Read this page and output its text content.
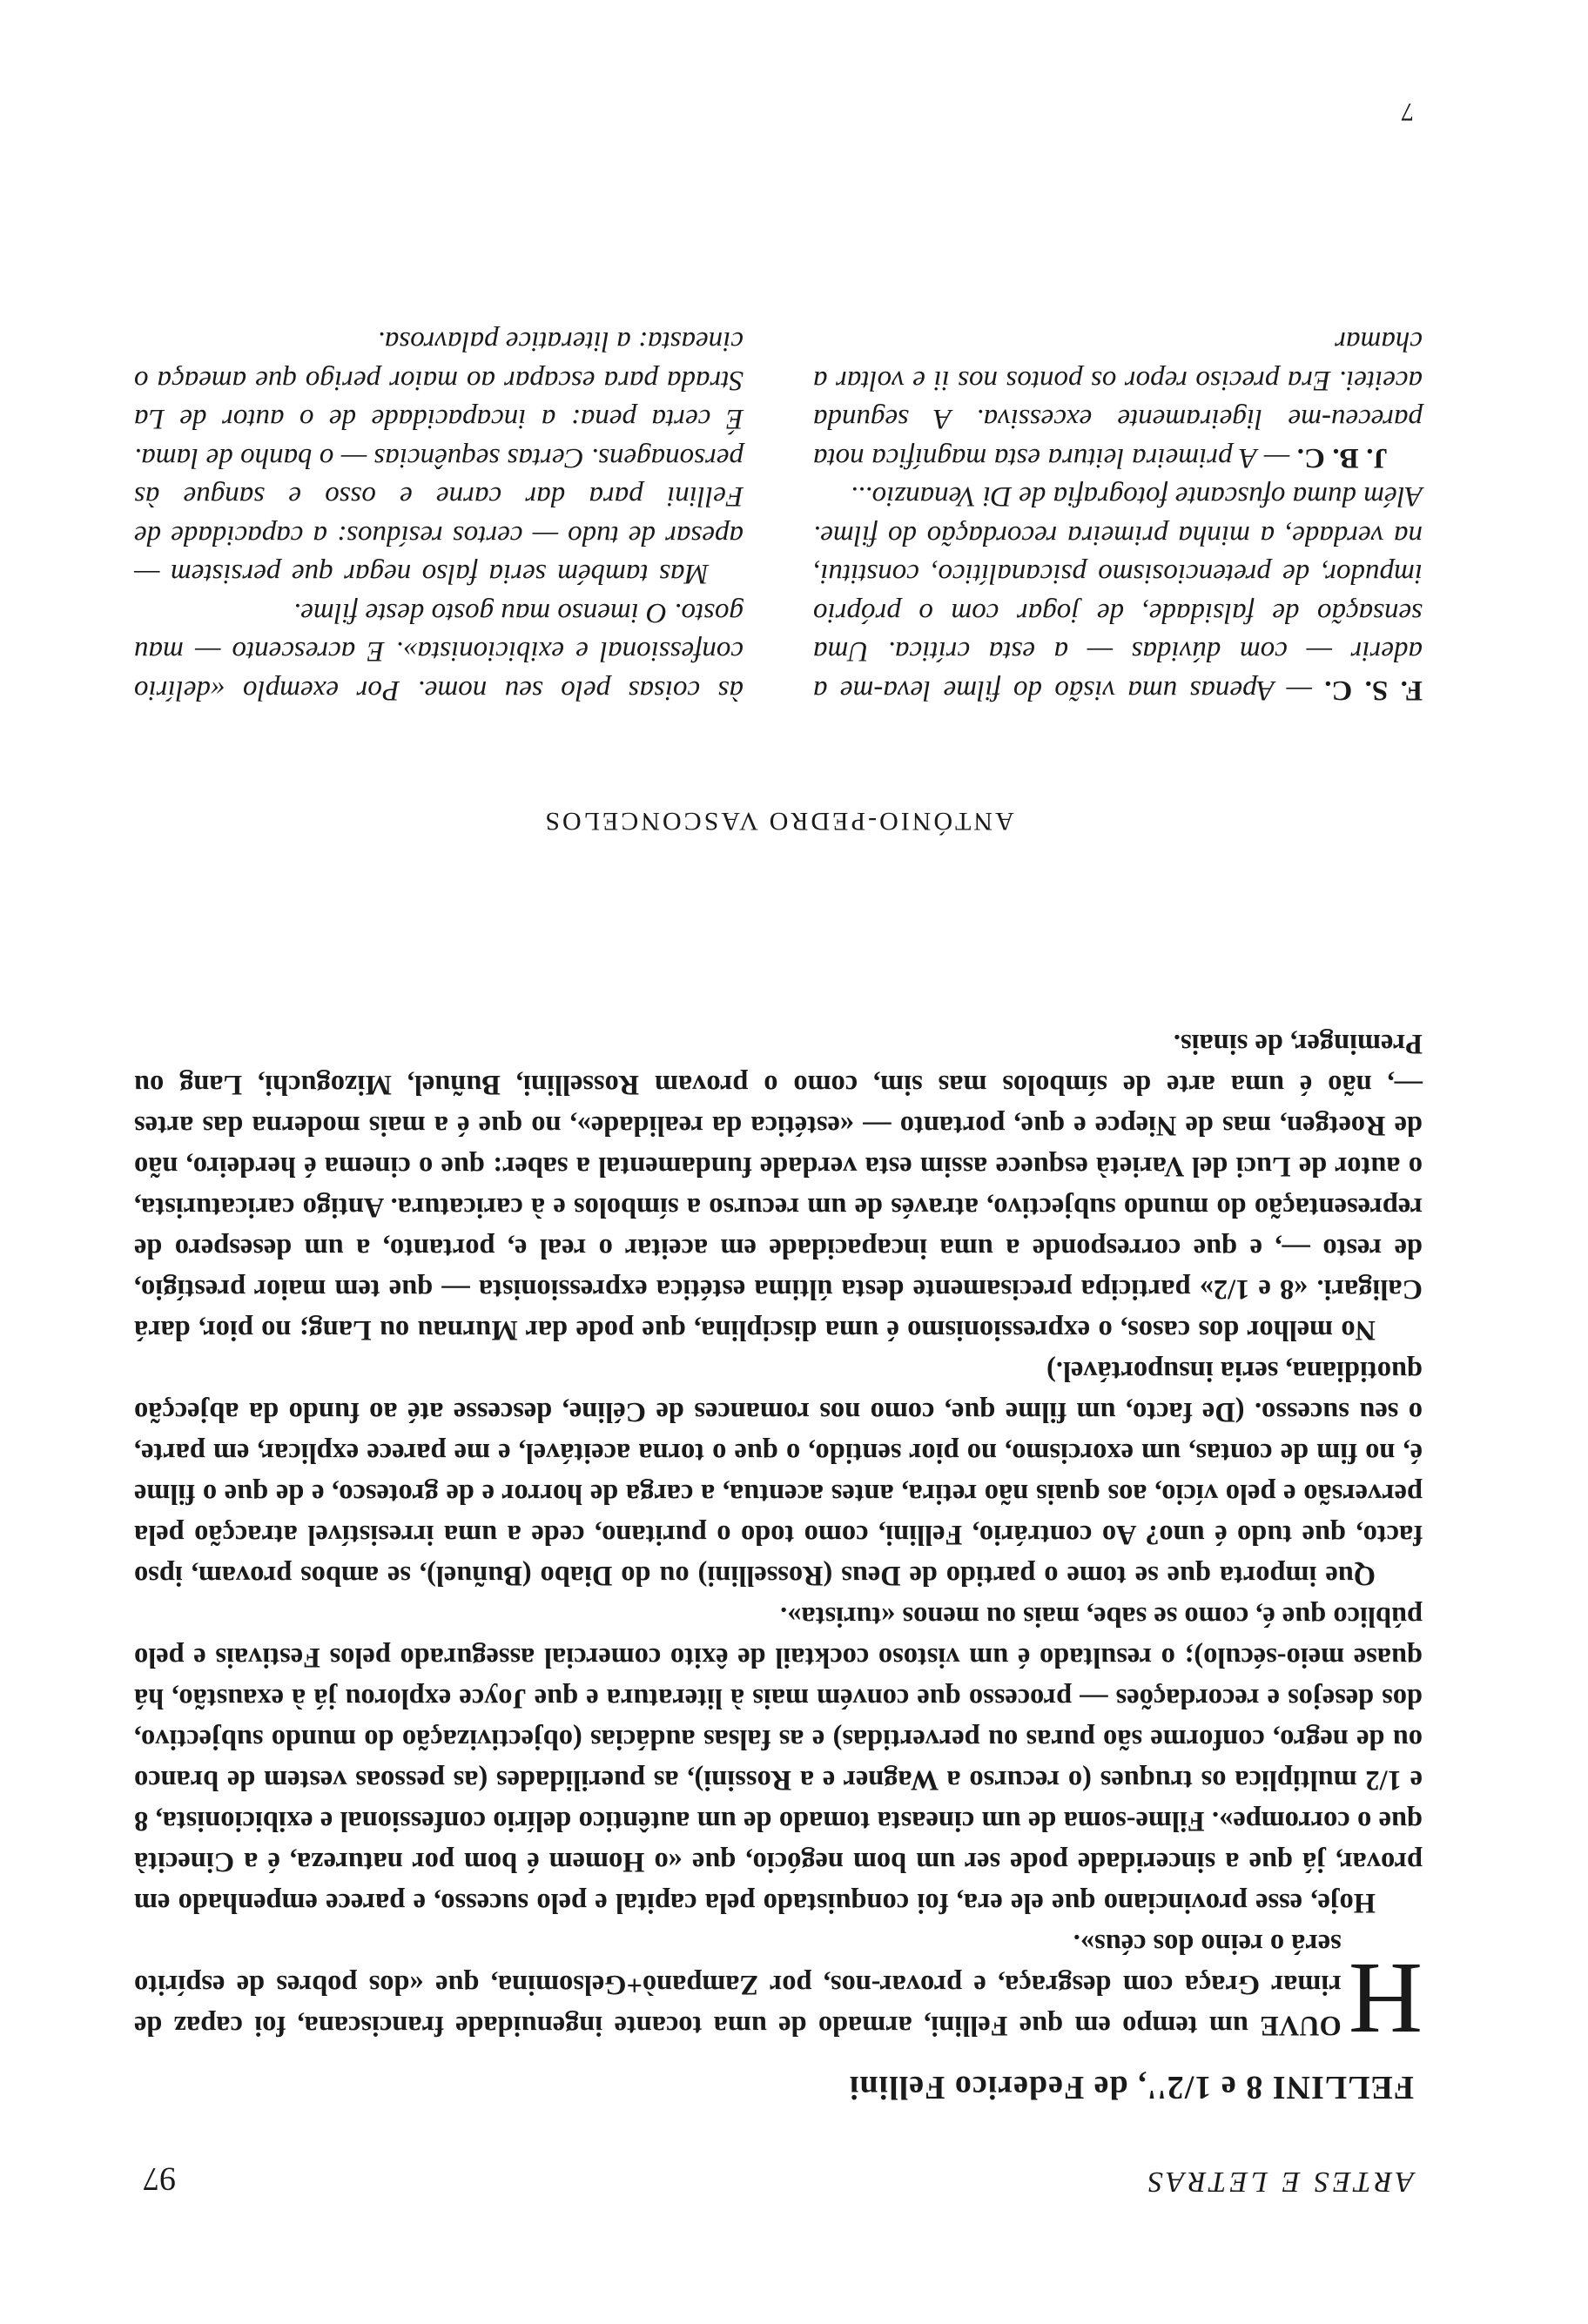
ARTES E LETRAS
97
FELLINI 8 e 1/2'', de Federico Fellini

H
OUVE um tempo em que Fellini, armado de uma tocante ingenuidade franciscana, foi capaz de rimar Graça com desgraça, e provar-nos, por Zampanò+Gelsomina, que «dos pobres de espírito será o reino dos céus».

Hoje, esse provinciano que ele era, foi conquistado pela capital e pelo sucesso, e parece empenhado em provar, já que a sinceridade pode ser um bom negócio, que «o Homem é bom por natureza, é a Cinecità que o corrompe». Filme-soma de um cineasta tomado de um autêntico delírio confessional e exibicionista, 8 e 1/2 multiplica os truques (o recurso a Wagner e a Rossini), as puerilidades (as pessoas vestem de branco ou de negro, conforme são puras ou pervertidas) e as falsas audácias (objectivização do mundo subjectivo, dos desejos e recordações — processo que convém mais à literatura e que Joyce explorou já à exaustão, há quase meio-século); o resultado é um vistoso cocktail de êxito comercial assegurado pelos Festivais e pelo público que é, como se sabe, mais ou menos «turista».

Que importa que se tome o partido de Deus (Rossellini) ou do Diabo (Buñuel), se ambos provam, ipso facto, que tudo é uno? Ao contrário, Fellini, como todo o puritano, cede a uma irresistível atracção pela perversão e pelo vício, aos quais não retira, antes acentua, a carga de horror e de grotesco, e de que o filme é, no fim de contas, um exorcismo, no pior sentido, o que o torna aceitável, e me parece explicar, em parte, o seu sucesso. (De facto, um filme que, como nos romances de Céline, descesse até ao fundo da abjecção quotidiana, seria insuportável.)

No melhor dos casos, o expressionismo é uma disciplina, que pode dar Murnau ou Lang; no pior, dará Caligari. «8 e 1/2» participa precisamente desta última estética expressionista — que tem maior prestígio, de resto —, e que corresponde a uma incapacidade em aceitar o real e, portanto, a um desespero de representação do mundo subjectivo, através de um recurso a símbolos e à caricatura. Antigo caricaturista, o autor de Luci del Varietà esquece assim esta verdade fundamental a saber: que o cinema é herdeiro, não de Roetgen, mas de Niepce e que, portanto — «estética da realidade», no que é a mais moderna das artes —, não é uma arte de símbolos mas sim, como o provam Rossellini, Buñuel, Mizoguchi, Lang ou Preminger, de sinais.

ANTÓNIO-PEDRO VASCONCELOS

F. S. C. — Apenas uma visão do filme leva-me a aderir — com dúvidas — a esta crítica. Uma sensação de falsidade, de jogar com o próprio impudor, de pretenciosismo psicanalítico, constitui, na verdade, a minha primeira recordação do filme. Além duma ofuscante fotografia de Di Venanzio...

J. B. C. — A primeira leitura esta magnífica nota pareceu-me ligeiramente excessiva. A segunda aceitei. Era preciso repor os pontos nos ii e voltar a chamar

às coisas pelo seu nome. Por exemplo «delírio confessional e exibicionista». E acrescento — mau gosto. O imenso mau gosto deste filme.

Mas também seria falso negar que persistem — apesar de tudo — certos resíduos: a capacidade de Fellini para dar carne e osso e sangue às personagens. Certas sequências — o banho de lama. É certa pena: a incapacidade de o autor de La Strada para escapar ao maior perigo que ameaça o cineasta: a literatice palavrosa.

7
